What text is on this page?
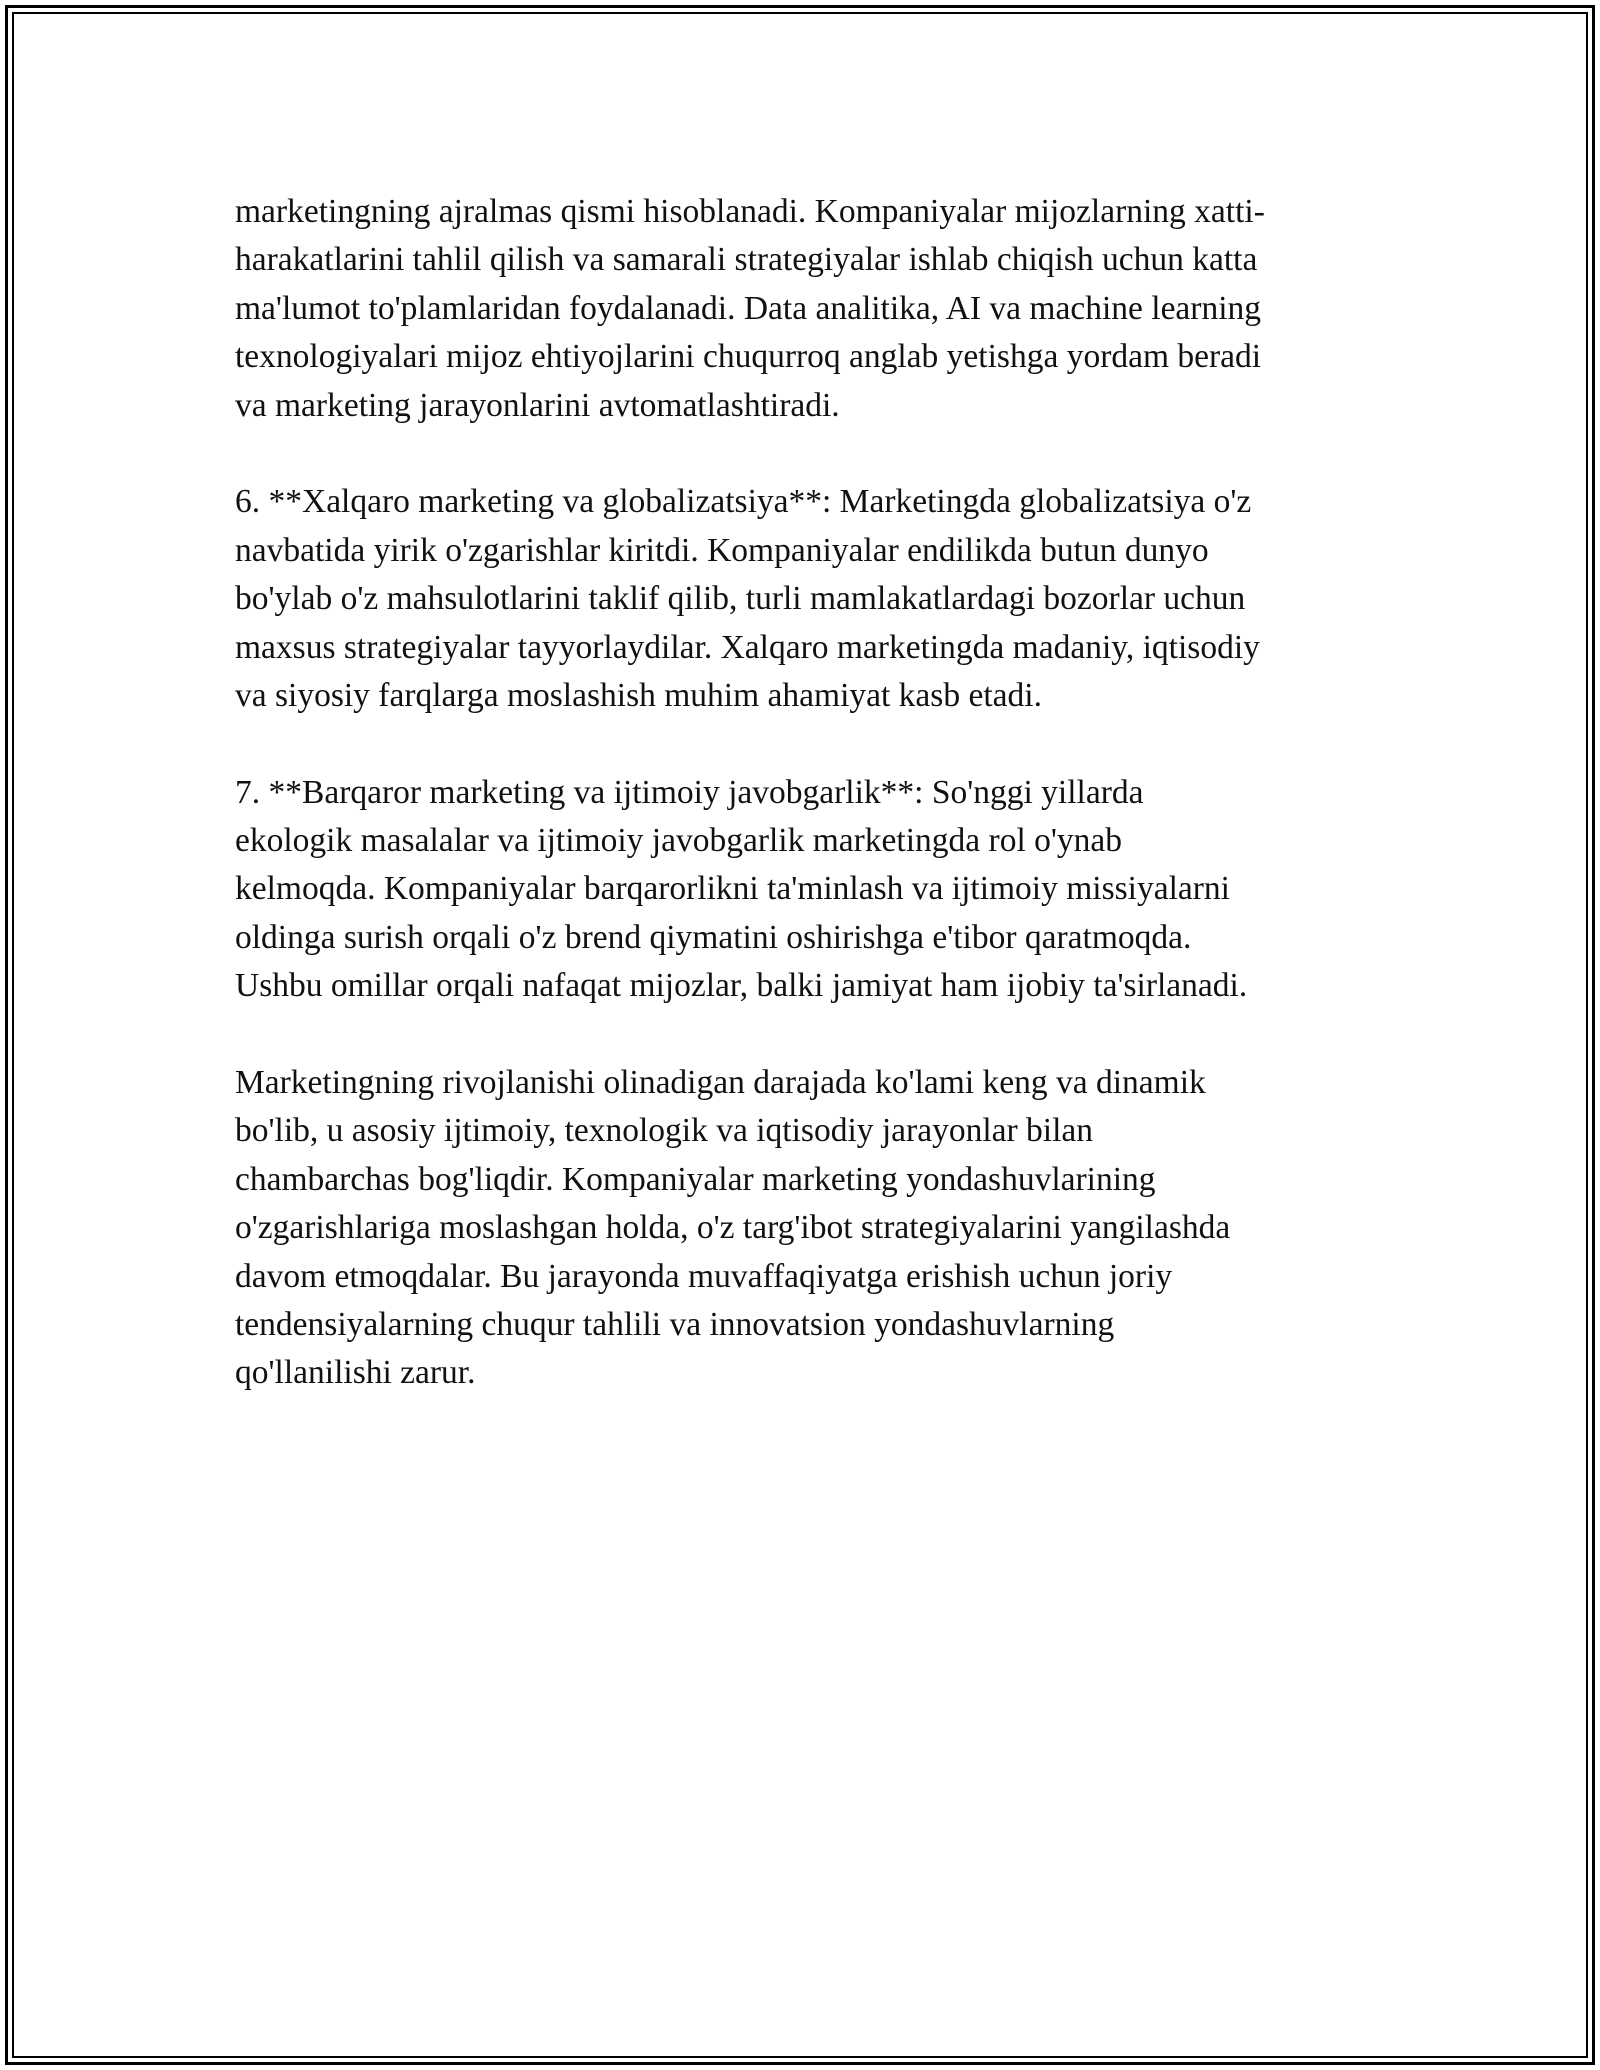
marketingning ajralmas qismi hisoblanadi. Kompaniyalar mijozlarning xatti-
harakatlarini tahlil qilish va samarali strategiyalar ishlab chiqish uchun katta
ma'lumot to'plamlaridan foydalanadi. Data analitika, AI va machine learning
texnologiyalari mijoz ehtiyojlarini chuqurroq anglab yetishga yordam beradi
va marketing jarayonlarini avtomatlashtiradi.

6. **Xalqaro marketing va globalizatsiya**: Marketingda globalizatsiya o'z
navbatida yirik o'zgarishlar kiritdi. Kompaniyalar endilikda butun dunyo
bo'ylab o'z mahsulotlarini taklif qilib, turli mamlakatlardagi bozorlar uchun
maxsus strategiyalar tayyorlaydilar. Xalqaro marketingda madaniy, iqtisodiy
va siyosiy farqlarga moslashish muhim ahamiyat kasb etadi.

7. **Barqaror marketing va ijtimoiy javobgarlik**: So'nggi yillarda
ekologik masalalar va ijtimoiy javobgarlik marketingda rol o'ynab
kelmoqda. Kompaniyalar barqarorlikni ta'minlash va ijtimoiy missiyalarni
oldinga surish orqali o'z brend qiymatini oshirishga e'tibor qaratmoqda.
Ushbu omillar orqali nafaqat mijozlar, balki jamiyat ham ijobiy ta'sirlanadi.

Marketingning rivojlanishi olinadigan darajada ko'lami keng va dinamik
bo'lib, u asosiy ijtimoiy, texnologik va iqtisodiy jarayonlar bilan
chambarchas bog'liqdir. Kompaniyalar marketing yondashuvlarining
o'zgarishlariga moslashgan holda, o'z targ'ibot strategiyalarini yangilashda
davom etmoqdalar. Bu jarayonda muvaffaqiyatga erishish uchun joriy
tendensiyalarning chuqur tahlili va innovatsion yondashuvlarning
qo'llanilishi zarur.
